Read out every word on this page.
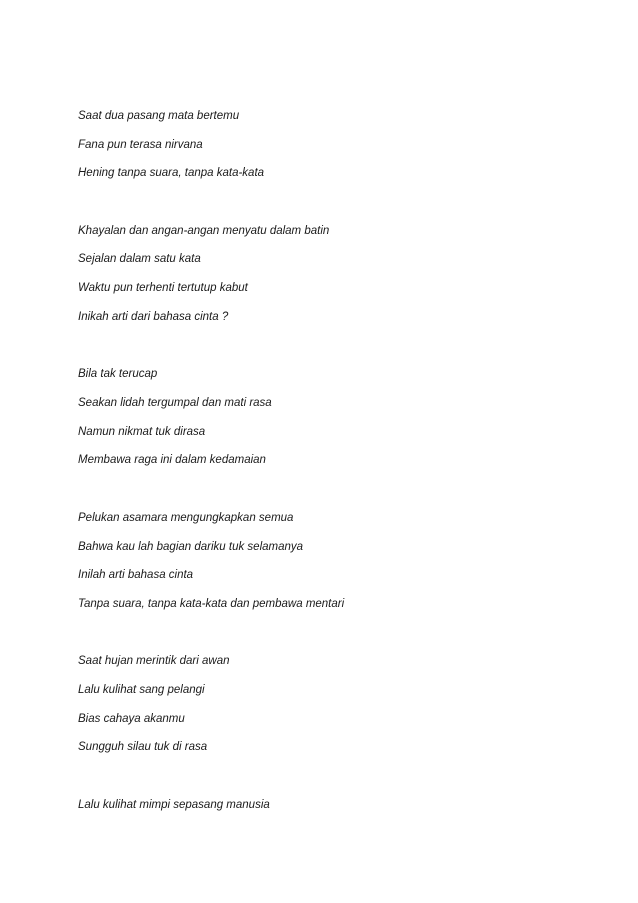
Saat dua pasang mata bertemu
Fana pun terasa nirvana
Hening tanpa suara, tanpa kata-kata
Khayalan dan angan-angan menyatu dalam batin
Sejalan dalam satu kata
Waktu pun terhenti tertutup kabut
Inikah arti dari bahasa cinta ?
Bila tak terucap
Seakan lidah tergumpal dan mati rasa
Namun nikmat tuk dirasa
Membawa raga ini dalam kedamaian
Pelukan asamara mengungkapkan semua
Bahwa kau lah bagian dariku tuk selamanya
Inilah arti bahasa cinta
Tanpa suara, tanpa kata-kata dan pembawa mentari
Saat hujan merintik dari awan
Lalu kulihat sang pelangi
Bias cahaya akanmu
Sungguh silau tuk di rasa
Lalu kulihat mimpi sepasang manusia
